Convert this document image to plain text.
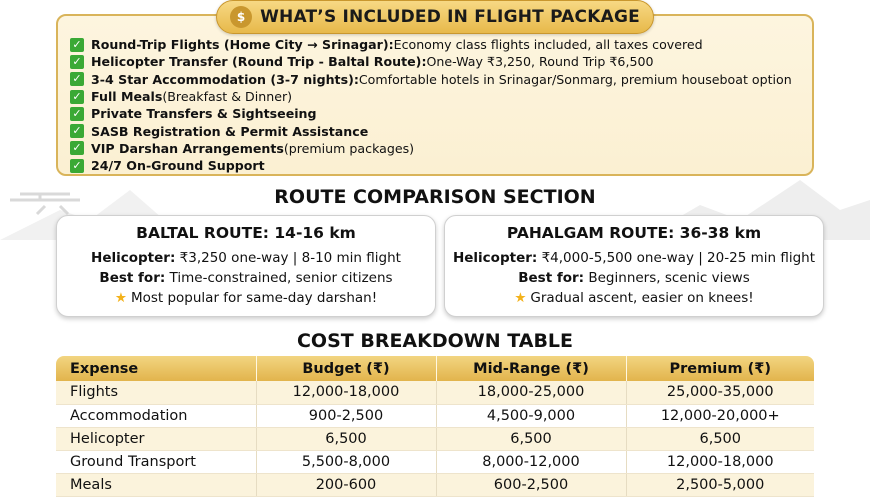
$ WHAT’S INCLUDED IN FLIGHT PACKAGE
✓ Round-Trip Flights (Home City → Srinagar): Economy class flights included, all taxes covered
✓ Helicopter Transfer (Round Trip - Baltal Route): One-Way ₹3,250, Round Trip ₹6,500
✓ 3-4 Star Accommodation (3-7 nights): Comfortable hotels in Srinagar/Sonmarg, premium houseboat option
✓ Full Meals (Breakfast & Dinner)
✓ Private Transfers & Sightseeing
✓ SASB Registration & Permit Assistance
✓ VIP Darshan Arrangements (premium packages)
✓ 24/7 On-Ground Support
ROUTE COMPARISON SECTION
BALTAL ROUTE: 14-16 km
Helicopter: ₹3,250 one-way | 8-10 min flight
Best for: Time-constrained, senior citizens
★ Most popular for same-day darshan!
PAHALGAM ROUTE: 36-38 km
Helicopter: ₹4,000-5,500 one-way | 20-25 min flight
Best for: Beginners, scenic views
★ Gradual ascent, easier on knees!
COST BREAKDOWN TABLE
Expense	Budget (₹)	Mid-Range (₹)	Premium (₹)
Flights	12,000-18,000	18,000-25,000	25,000-35,000
Accommodation	900-2,500	4,500-9,000	12,000-20,000+
Helicopter	6,500	6,500	6,500
Ground Transport	5,500-8,000	8,000-12,000	12,000-18,000
Meals	200-600	600-2,500	2,500-5,000
